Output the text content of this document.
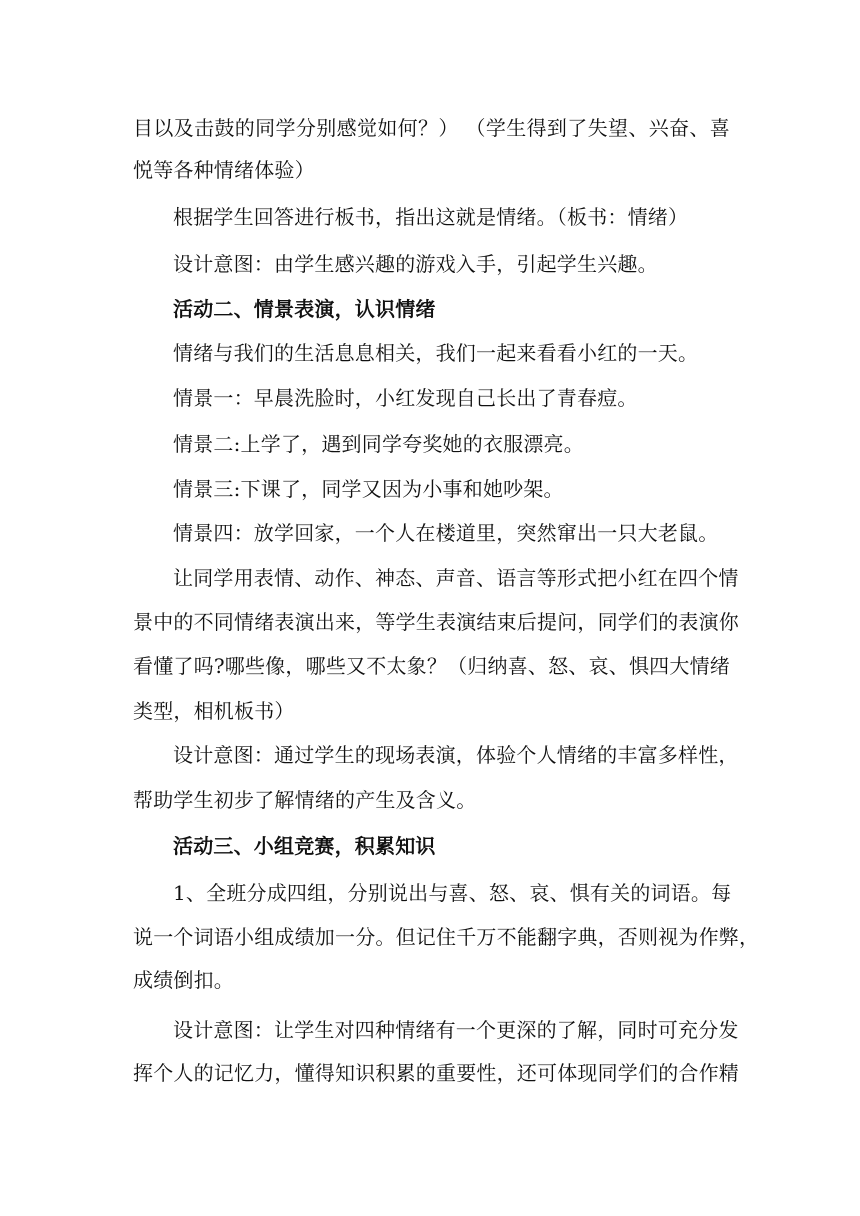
目以及击鼓的同学分别感觉如何？） （学生得到了失望、兴奋、喜

悦等各种情绪体验）

根据学生回答进行板书，指出这就是情绪。（板书：情绪）

设计意图：由学生感兴趣的游戏入手，引起学生兴趣。

活动二、情景表演，认识情绪

情绪与我们的生活息息相关，我们一起来看看小红的一天。

情景一：早晨洗脸时，小红发现自己长出了青春痘。

情景二:上学了，遇到同学夸奖她的衣服漂亮。

情景三:下课了，同学又因为小事和她吵架。

情景四：放学回家，一个人在楼道里，突然窜出一只大老鼠。

让同学用表情、动作、神态、声音、语言等形式把小红在四个情

景中的不同情绪表演出来，等学生表演结束后提问，同学们的表演你

看懂了吗?哪些像，哪些又不太象？（归纳喜、怒、哀、惧四大情绪

类型，相机板书）

设计意图：通过学生的现场表演，体验个人情绪的丰富多样性，

帮助学生初步了解情绪的产生及含义。

活动三、小组竞赛，积累知识

1、全班分成四组，分别说出与喜、怒、哀、惧有关的词语。每

说一个词语小组成绩加一分。但记住千万不能翻字典，否则视为作弊，

成绩倒扣。

设计意图：让学生对四种情绪有一个更深的了解，同时可充分发

挥个人的记忆力，懂得知识积累的重要性，还可体现同学们的合作精
